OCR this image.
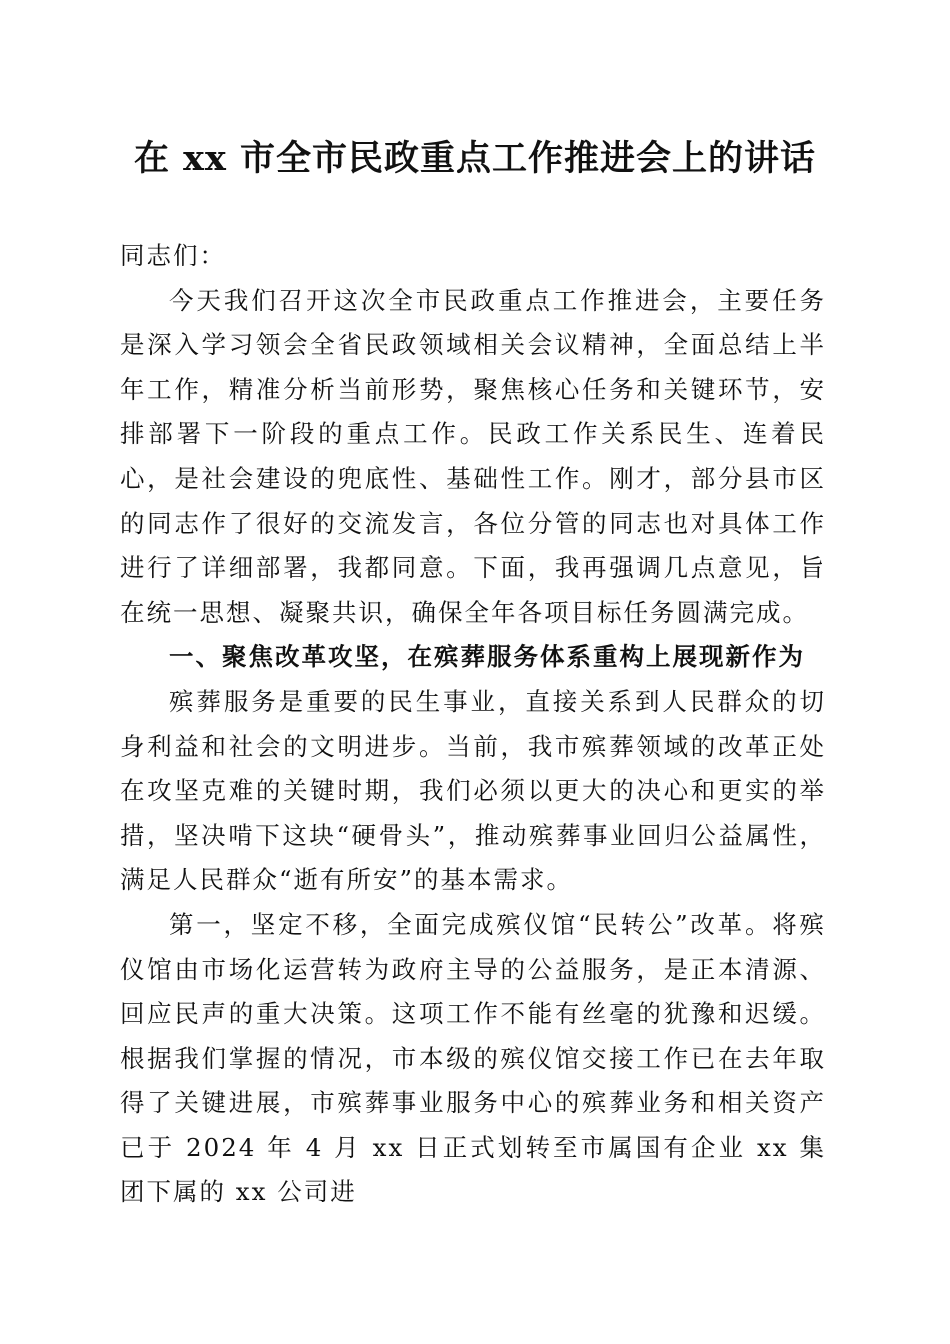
在 xx 市全市民政重点工作推进会上的讲话

同志们：

今天我们召开这次全市民政重点工作推进会，主要任务是深入学习领会全省民政领域相关会议精神，全面总结上半年工作，精准分析当前形势，聚焦核心任务和关键环节，安排部署下一阶段的重点工作。民政工作关系民生、连着民心，是社会建设的兜底性、基础性工作。刚才，部分县市区的同志作了很好的交流发言，各位分管的同志也对具体工作进行了详细部署，我都同意。下面，我再强调几点意见，旨在统一思想、凝聚共识，确保全年各项目标任务圆满完成。

一、聚焦改革攻坚，在殡葬服务体系重构上展现新作为

殡葬服务是重要的民生事业，直接关系到人民群众的切身利益和社会的文明进步。当前，我市殡葬领域的改革正处在攻坚克难的关键时期，我们必须以更大的决心和更实的举措，坚决啃下这块“硬骨头”，推动殡葬事业回归公益属性，满足人民群众“逝有所安”的基本需求。

第一，坚定不移，全面完成殡仪馆“民转公”改革。将殡仪馆由市场化运营转为政府主导的公益服务，是正本清源、回应民声的重大决策。这项工作不能有丝毫的犹豫和迟缓。根据我们掌握的情况，市本级的殡仪馆交接工作已在去年取得了关键进展，市殡葬事业服务中心的殡葬业务和相关资产已于 2024 年 4 月 xx 日正式划转至市属国有企业 xx 集团下属的 xx 公司进
